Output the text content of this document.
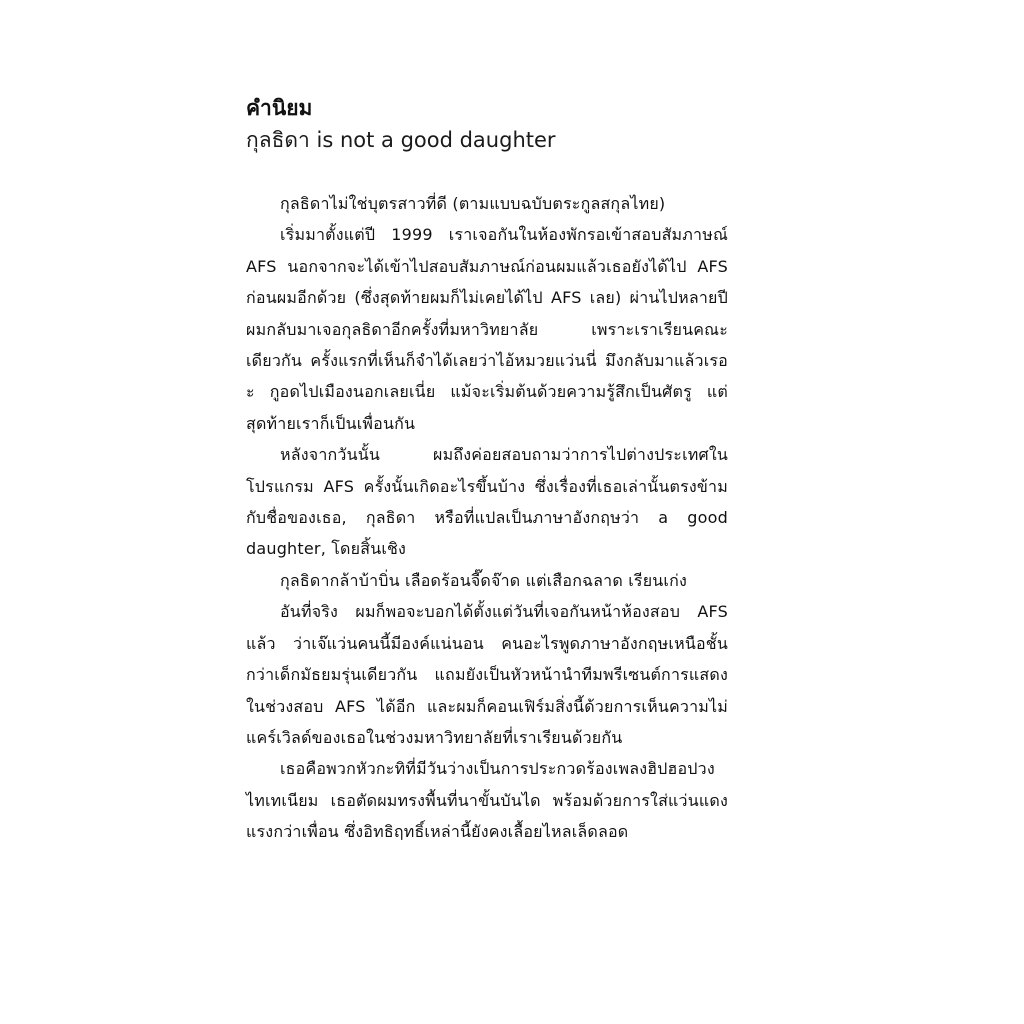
คำนิยม
กุลธิดา is not a good daughter

กุลธิดาไม่ใช่บุตรสาวที่ดี (ตามแบบฉบับตระกูลสกุลไทย)

เริ่มมาตั้งแต่ปี 1999 เราเจอกันในห้องพักรอเข้าสอบสัมภาษณ์ AFS นอกจากจะได้เข้าไปสอบสัมภาษณ์ก่อนผมแล้วเธอยังได้ไป AFS ก่อนผมอีกด้วย (ซึ่งสุดท้ายผมก็ไม่เคยได้ไป AFS เลย) ผ่านไปหลายปี ผมกลับมาเจอกุลธิดาอีกครั้งที่มหาวิทยาลัย เพราะเราเรียนคณะเดียวกัน ครั้งแรกที่เห็นก็จำได้เลยว่าไอ้หมวยแว่นนี่ มึงกลับมาแล้วเรอะ กูอดไปเมืองนอกเลยเนี่ย แม้จะเริ่มต้นด้วยความรู้สึกเป็นศัตรู แต่สุดท้ายเราก็เป็นเพื่อนกัน

หลังจากวันนั้น ผมถึงค่อยสอบถามว่าการไปต่างประเทศในโปรแกรม AFS ครั้งนั้นเกิดอะไรขึ้นบ้าง ซึ่งเรื่องที่เธอเล่านั้นตรงข้ามกับชื่อของเธอ, กุลธิดา หรือที่แปลเป็นภาษาอังกฤษว่า a good daughter, โดยสิ้นเชิง

กุลธิดากล้าบ้าบิ่น เลือดร้อนจี๊ดจ๊าด แต่เสือกฉลาด เรียนเก่ง

อันที่จริง ผมก็พอจะบอกได้ตั้งแต่วันที่เจอกันหน้าห้องสอบ AFS แล้ว ว่าเจ๊แว่นคนนี้มีองค์แน่นอน คนอะไรพูดภาษาอังกฤษเหนือชั้นกว่าเด็กมัธยมรุ่นเดียวกัน แถมยังเป็นหัวหน้านำทีมพรีเซนต์การแสดงในช่วงสอบ AFS ได้อีก และผมก็คอนเฟิร์มสิ่งนี้ด้วยการเห็นความไม่แคร์เวิลด์ของเธอในช่วงมหาวิทยาลัยที่เราเรียนด้วยกัน

เธอคือพวกหัวกะทิที่มีวันว่างเป็นการประกวดร้องเพลงฮิปฮอปวงไทเทเนียม เธอตัดผมทรงพื้นที่นาขั้นบันได พร้อมด้วยการใส่แว่นแดงแรงกว่าเพื่อน ซึ่งอิทธิฤทธิ์เหล่านี้ยังคงเลื้อยไหลเล็ดลอด
